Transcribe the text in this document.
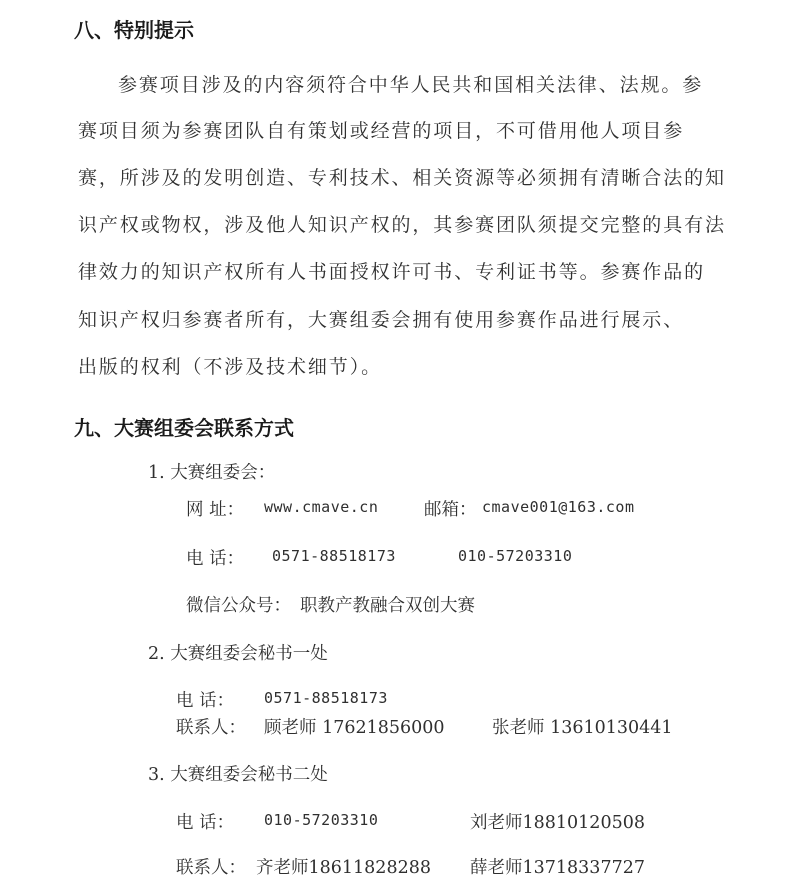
八、特别提示
参赛项目涉及的内容须符合中华人民共和国相关法律、法规。参
赛项目须为参赛团队自有策划或经营的项目，不可借用他人项目参
赛，所涉及的发明创造、专利技术、相关资源等必须拥有清晰合法的知
识产权或物权，涉及他人知识产权的，其参赛团队须提交完整的具有法
律效力的知识产权所有人书面授权许可书、专利证书等。参赛作品的
知识产权归参赛者所有，大赛组委会拥有使用参赛作品进行展示、
出版的权利（不涉及技术细节）。
九、大赛组委会联系方式
1. 大赛组委会：
网 址： www.cmave.cn	邮箱： cmave001@163.com
电 话： 0571-88518173	010-57203310
微信公众号： 职教产教融合双创大赛
2. 大赛组委会秘书一处
电 话： 0571-88518173
联系人： 顾老师 17621856000	张老师 13610130441
3. 大赛组委会秘书二处
电 话： 010-57203310	刘老师18810120508
联系人： 齐老师18611828288 薛老师13718337727
